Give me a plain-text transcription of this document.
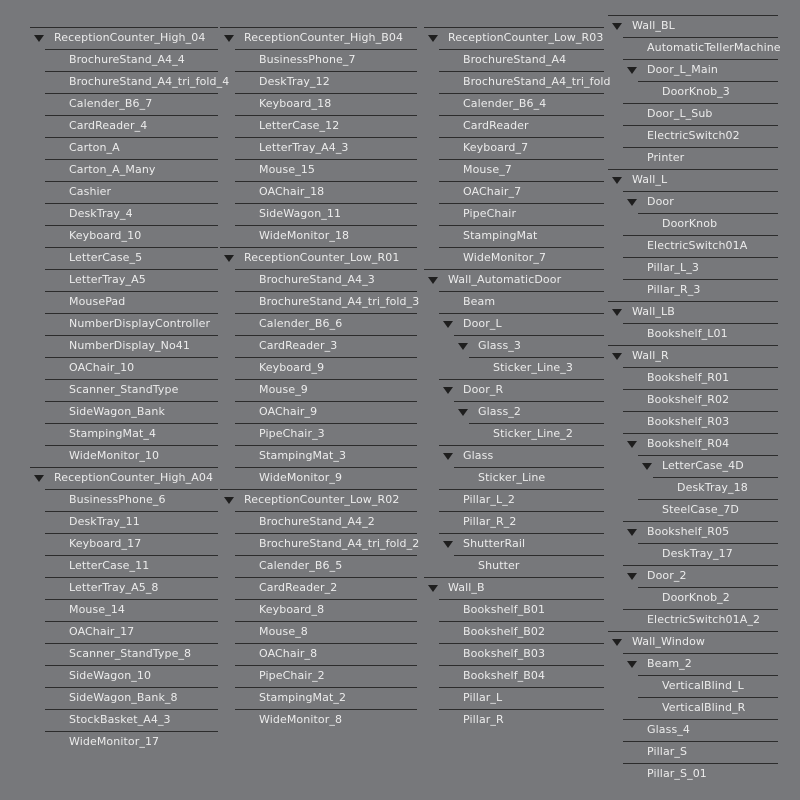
ReceptionCounter_High_04
BrochureStand_A4_4
BrochureStand_A4_tri_fold_4
Calender_B6_7
CardReader_4
Carton_A
Carton_A_Many
Cashier
DeskTray_4
Keyboard_10
LetterCase_5
LetterTray_A5
MousePad
NumberDisplayController
NumberDisplay_No41
OAChair_10
Scanner_StandType
SideWagon_Bank
StampingMat_4
WideMonitor_10
ReceptionCounter_High_A04
BusinessPhone_6
DeskTray_11
Keyboard_17
LetterCase_11
LetterTray_A5_8
Mouse_14
OAChair_17
Scanner_StandType_8
SideWagon_10
SideWagon_Bank_8
StockBasket_A4_3
WideMonitor_17
ReceptionCounter_High_B04
BusinessPhone_7
DeskTray_12
Keyboard_18
LetterCase_12
LetterTray_A4_3
Mouse_15
OAChair_18
SideWagon_11
WideMonitor_18
ReceptionCounter_Low_R01
BrochureStand_A4_3
BrochureStand_A4_tri_fold_3
Calender_B6_6
CardReader_3
Keyboard_9
Mouse_9
OAChair_9
PipeChair_3
StampingMat_3
WideMonitor_9
ReceptionCounter_Low_R02
BrochureStand_A4_2
BrochureStand_A4_tri_fold_2
Calender_B6_5
CardReader_2
Keyboard_8
Mouse_8
OAChair_8
PipeChair_2
StampingMat_2
WideMonitor_8
ReceptionCounter_Low_R03
BrochureStand_A4
BrochureStand_A4_tri_fold
Calender_B6_4
CardReader
Keyboard_7
Mouse_7
OAChair_7
PipeChair
StampingMat
WideMonitor_7
Wall_AutomaticDoor
Beam
Door_L
Glass_3
Sticker_Line_3
Door_R
Glass_2
Sticker_Line_2
Glass
Sticker_Line
Pillar_L_2
Pillar_R_2
ShutterRail
Shutter
Wall_B
Bookshelf_B01
Bookshelf_B02
Bookshelf_B03
Bookshelf_B04
Pillar_L
Pillar_R
Wall_BL
AutomaticTellerMachine
Door_L_Main
DoorKnob_3
Door_L_Sub
ElectricSwitch02
Printer
Wall_L
Door
DoorKnob
ElectricSwitch01A
Pillar_L_3
Pillar_R_3
Wall_LB
Bookshelf_L01
Wall_R
Bookshelf_R01
Bookshelf_R02
Bookshelf_R03
Bookshelf_R04
LetterCase_4D
DeskTray_18
SteelCase_7D
Bookshelf_R05
DeskTray_17
Door_2
DoorKnob_2
ElectricSwitch01A_2
Wall_Window
Beam_2
VerticalBlind_L
VerticalBlind_R
Glass_4
Pillar_S
Pillar_S_01
